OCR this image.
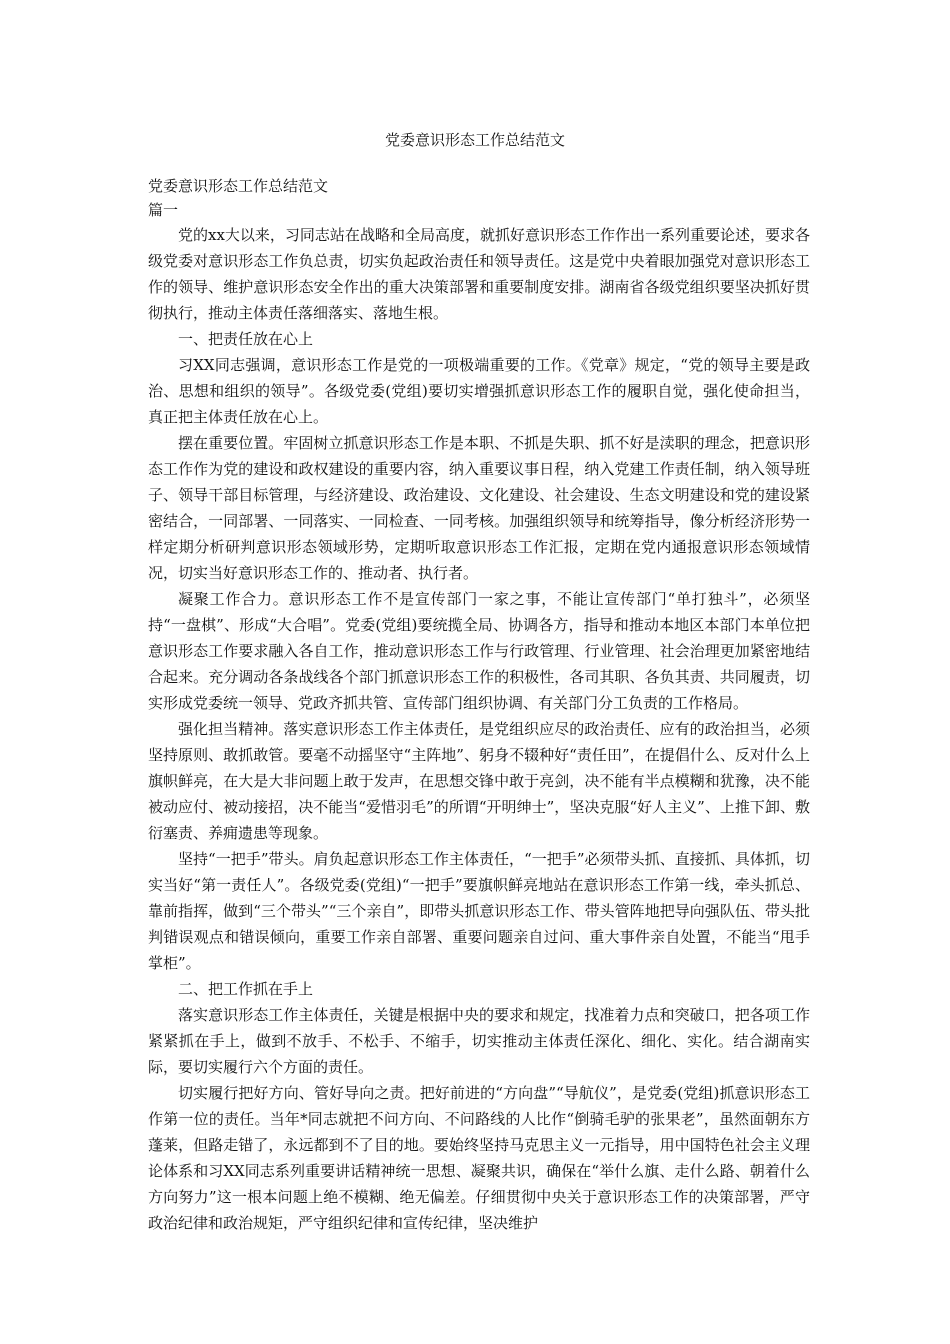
党委意识形态工作总结范文
党委意识形态工作总结范文
篇一

党的xx大以来，习同志站在战略和全局高度，就抓好意识形态工作作出一系列重要论述，要求各级党委对意识形态工作负总责，切实负起政治责任和领导责任。这是党中央着眼加强党对意识形态工作的领导、维护意识形态安全作出的重大决策部署和重要制度安排。湖南省各级党组织要坚决抓好贯彻执行，推动主体责任落细落实、落地生根。

一、把责任放在心上

习XX同志强调，意识形态工作是党的一项极端重要的工作。《党章》规定，“党的领导主要是政治、思想和组织的领导”。各级党委(党组)要切实增强抓意识形态工作的履职自觉，强化使命担当，真正把主体责任放在心上。

摆在重要位置。牢固树立抓意识形态工作是本职、不抓是失职、抓不好是渎职的理念，把意识形态工作作为党的建设和政权建设的重要内容，纳入重要议事日程，纳入党建工作责任制，纳入领导班子、领导干部目标管理，与经济建设、政治建设、文化建设、社会建设、生态文明建设和党的建设紧密结合，一同部署、一同落实、一同检查、一同考核。加强组织领导和统筹指导，像分析经济形势一样定期分析研判意识形态领域形势，定期听取意识形态工作汇报，定期在党内通报意识形态领域情况，切实当好意识形态工作的、推动者、执行者。

凝聚工作合力。意识形态工作不是宣传部门一家之事，不能让宣传部门“单打独斗”，必须坚持“一盘棋”、形成“大合唱”。党委(党组)要统揽全局、协调各方，指导和推动本地区本部门本单位把意识形态工作要求融入各自工作，推动意识形态工作与行政管理、行业管理、社会治理更加紧密地结合起来。充分调动各条战线各个部门抓意识形态工作的积极性，各司其职、各负其责、共同履责，切实形成党委统一领导、党政齐抓共管、宣传部门组织协调、有关部门分工负责的工作格局。

强化担当精神。落实意识形态工作主体责任，是党组织应尽的政治责任、应有的政治担当，必须坚持原则、敢抓敢管。要毫不动摇坚守“主阵地”、躬身不辍种好“责任田”，在提倡什么、反对什么上旗帜鲜亮，在大是大非问题上敢于发声，在思想交锋中敢于亮剑，决不能有半点模糊和犹豫，决不能被动应付、被动接招，决不能当“爱惜羽毛”的所谓“开明绅士”，坚决克服“好人主义”、上推下卸、敷衍塞责、养痈遗患等现象。

坚持“一把手”带头。肩负起意识形态工作主体责任，“一把手”必须带头抓、直接抓、具体抓，切实当好“第一责任人”。各级党委(党组)“一把手”要旗帜鲜亮地站在意识形态工作第一线，牵头抓总、靠前指挥，做到“三个带头”“三个亲自”，即带头抓意识形态工作、带头管阵地把导向强队伍、带头批判错误观点和错误倾向，重要工作亲自部署、重要问题亲自过问、重大事件亲自处置，不能当“甩手掌柜”。

二、把工作抓在手上

落实意识形态工作主体责任，关键是根据中央的要求和规定，找准着力点和突破口，把各项工作紧紧抓在手上，做到不放手、不松手、不缩手，切实推动主体责任深化、细化、实化。结合湖南实际，要切实履行六个方面的责任。

切实履行把好方向、管好导向之责。把好前进的“方向盘”“导航仪”，是党委(党组)抓意识形态工作第一位的责任。当年*同志就把不问方向、不问路线的人比作“倒骑毛驴的张果老”，虽然面朝东方蓬莱，但路走错了，永远都到不了目的地。要始终坚持马克思主义一元指导，用中国特色社会主义理论体系和习XX同志系列重要讲话精神统一思想、凝聚共识，确保在“举什么旗、走什么路、朝着什么方向努力”这一根本问题上绝不模糊、绝无偏差。仔细贯彻中央关于意识形态工作的决策部署，严守政治纪律和政治规矩，严守组织纪律和宣传纪律，坚决维护
